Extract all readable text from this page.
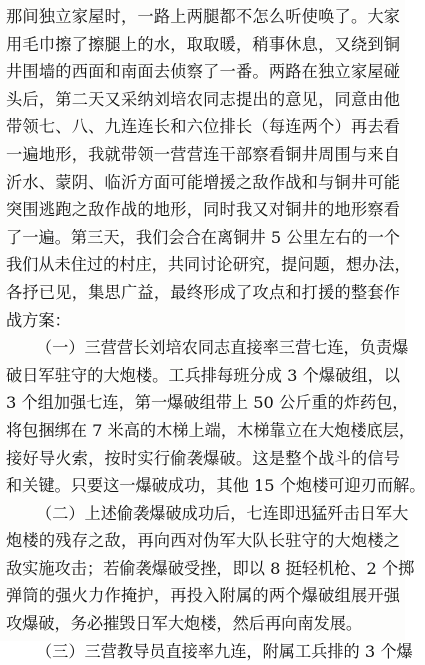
那间独立家屋时，一路上两腿都不怎么听使唤了。大家
用毛巾擦了擦腿上的水，取取暖，稍事休息，又绕到铜
井围墙的西面和南面去侦察了一番。两路在独立家屋碰
头后，第二天又采纳刘培农同志提出的意见，同意由他
带领七、八、九连连长和六位排长（每连两个）再去看
一遍地形，我就带领一营营连干部察看铜井周围与来自
沂水、蒙阴、临沂方面可能增援之敌作战和与铜井可能
突围逃跑之敌作战的地形，同时我又对铜井的地形察看
了一遍。第三天，我们会合在离铜井 5 公里左右的一个
我们从未住过的村庄，共同讨论研究，提问题，想办法，
各抒已见，集思广益，最终形成了攻点和打援的整套作
战方案：
（一）三营营长刘培农同志直接率三营七连，负责爆
破日军驻守的大炮楼。工兵排每班分成 3 个爆破组，以
3 个组加强七连，第一爆破组带上 50 公斤重的炸药包，
将包捆绑在 7 米高的木梯上端，木梯靠立在大炮楼底层，
接好导火索，按时实行偷袭爆破。这是整个战斗的信号
和关键。只要这一爆破成功，其他 15 个炮楼可迎刃而解。
（二）上述偷袭爆破成功后，七连即迅猛歼击日军大
炮楼的残存之敌，再向西对伪军大队长驻守的大炮楼之
敌实施攻击；若偷袭爆破受挫，即以 8 挺轻机枪、2 个掷
弹筒的强火力作掩护，再投入附属的两个爆破组展开强
攻爆破，务必摧毁日军大炮楼，然后再向南发展。
（三）三营教导员直接率九连，附属工兵排的 3 个爆
